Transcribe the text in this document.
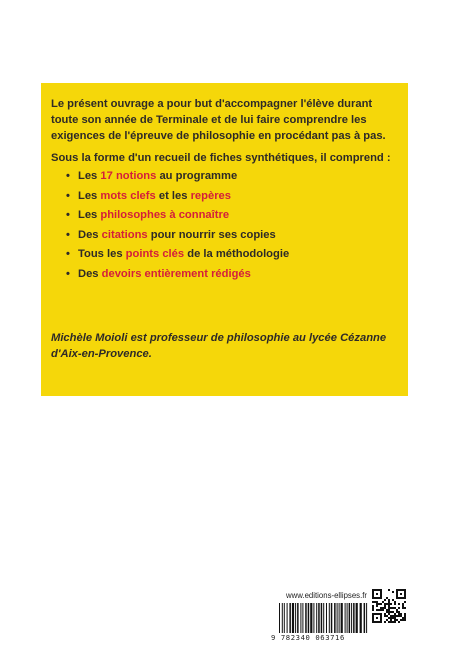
Le présent ouvrage a pour but d'accompagner l'élève durant
toute son année de Terminale et de lui faire comprendre les
exigences de l'épreuve de philosophie en procédant pas à pas.

Sous la forme d'un recueil de fiches synthétiques, il comprend :

• Les 17 notions au programme
• Les mots clefs et les repères
• Les philosophes à connaître
• Des citations pour nourrir ses copies
• Tous les points clés de la méthodologie
• Des devoirs entièrement rédigés

Michèle Moioli est professeur de philosophie au lycée Cézanne
d'Aix-en-Provence.

www.editions-ellipses.fr
9 782340 063716
